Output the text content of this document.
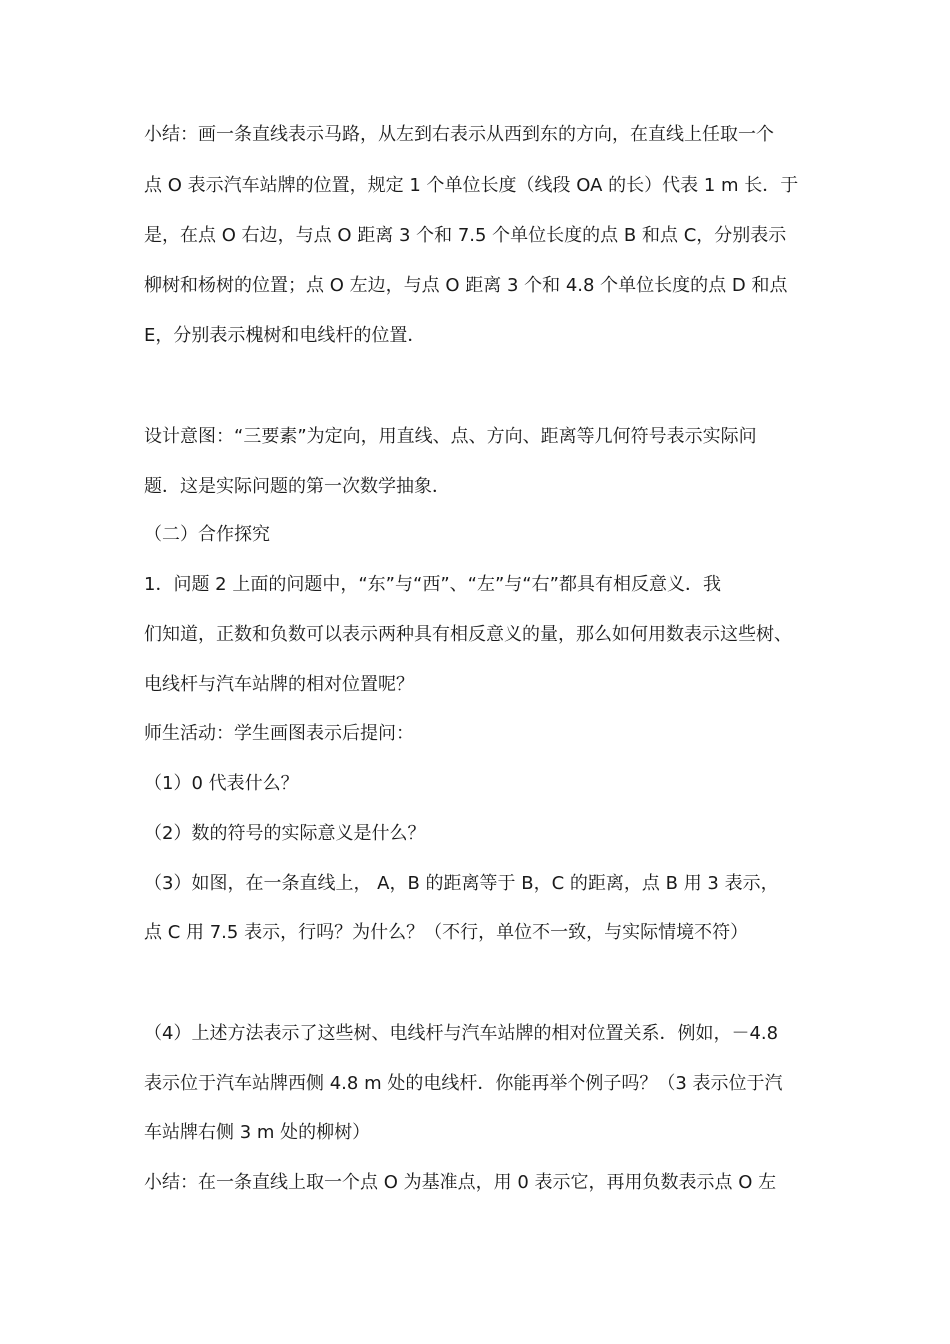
小结：画一条直线表示马路，从左到右表示从西到东的方向，在直线上任取一个
点 O 表示汽车站牌的位置，规定 1 个单位长度（线段 OA 的长）代表 1 m 长．于
是，在点 O 右边，与点 O 距离 3 个和 7.5 个单位长度的点 B 和点 C，分别表示
柳树和杨树的位置；点 O 左边，与点 O 距离 3 个和 4.8 个单位长度的点 D 和点
E，分别表示槐树和电线杆的位置．
设计意图：“三要素”为定向，用直线、点、方向、距离等几何符号表示实际问
题．这是实际问题的第一次数学抽象．
（二）合作探究
1．问题 2 上面的问题中，“东”与“西”、“左”与“右”都具有相反意义．我
们知道，正数和负数可以表示两种具有相反意义的量，那么如何用数表示这些树、
电线杆与汽车站牌的相对位置呢？
师生活动：学生画图表示后提问：
（1）0 代表什么？
（2）数的符号的实际意义是什么？
（3）如图，在一条直线上， A，B 的距离等于 B，C 的距离，点 B 用 3 表示，
点 C 用 7.5 表示，行吗？为什么？（不行，单位不一致，与实际情境不符）
（4）上述方法表示了这些树、电线杆与汽车站牌的相对位置关系．例如，－4.8
表示位于汽车站牌西侧 4.8 m 处的电线杆．你能再举个例子吗？（3 表示位于汽
车站牌右侧 3 m 处的柳树）
小结：在一条直线上取一个点 O 为基准点，用 0 表示它，再用负数表示点 O 左
